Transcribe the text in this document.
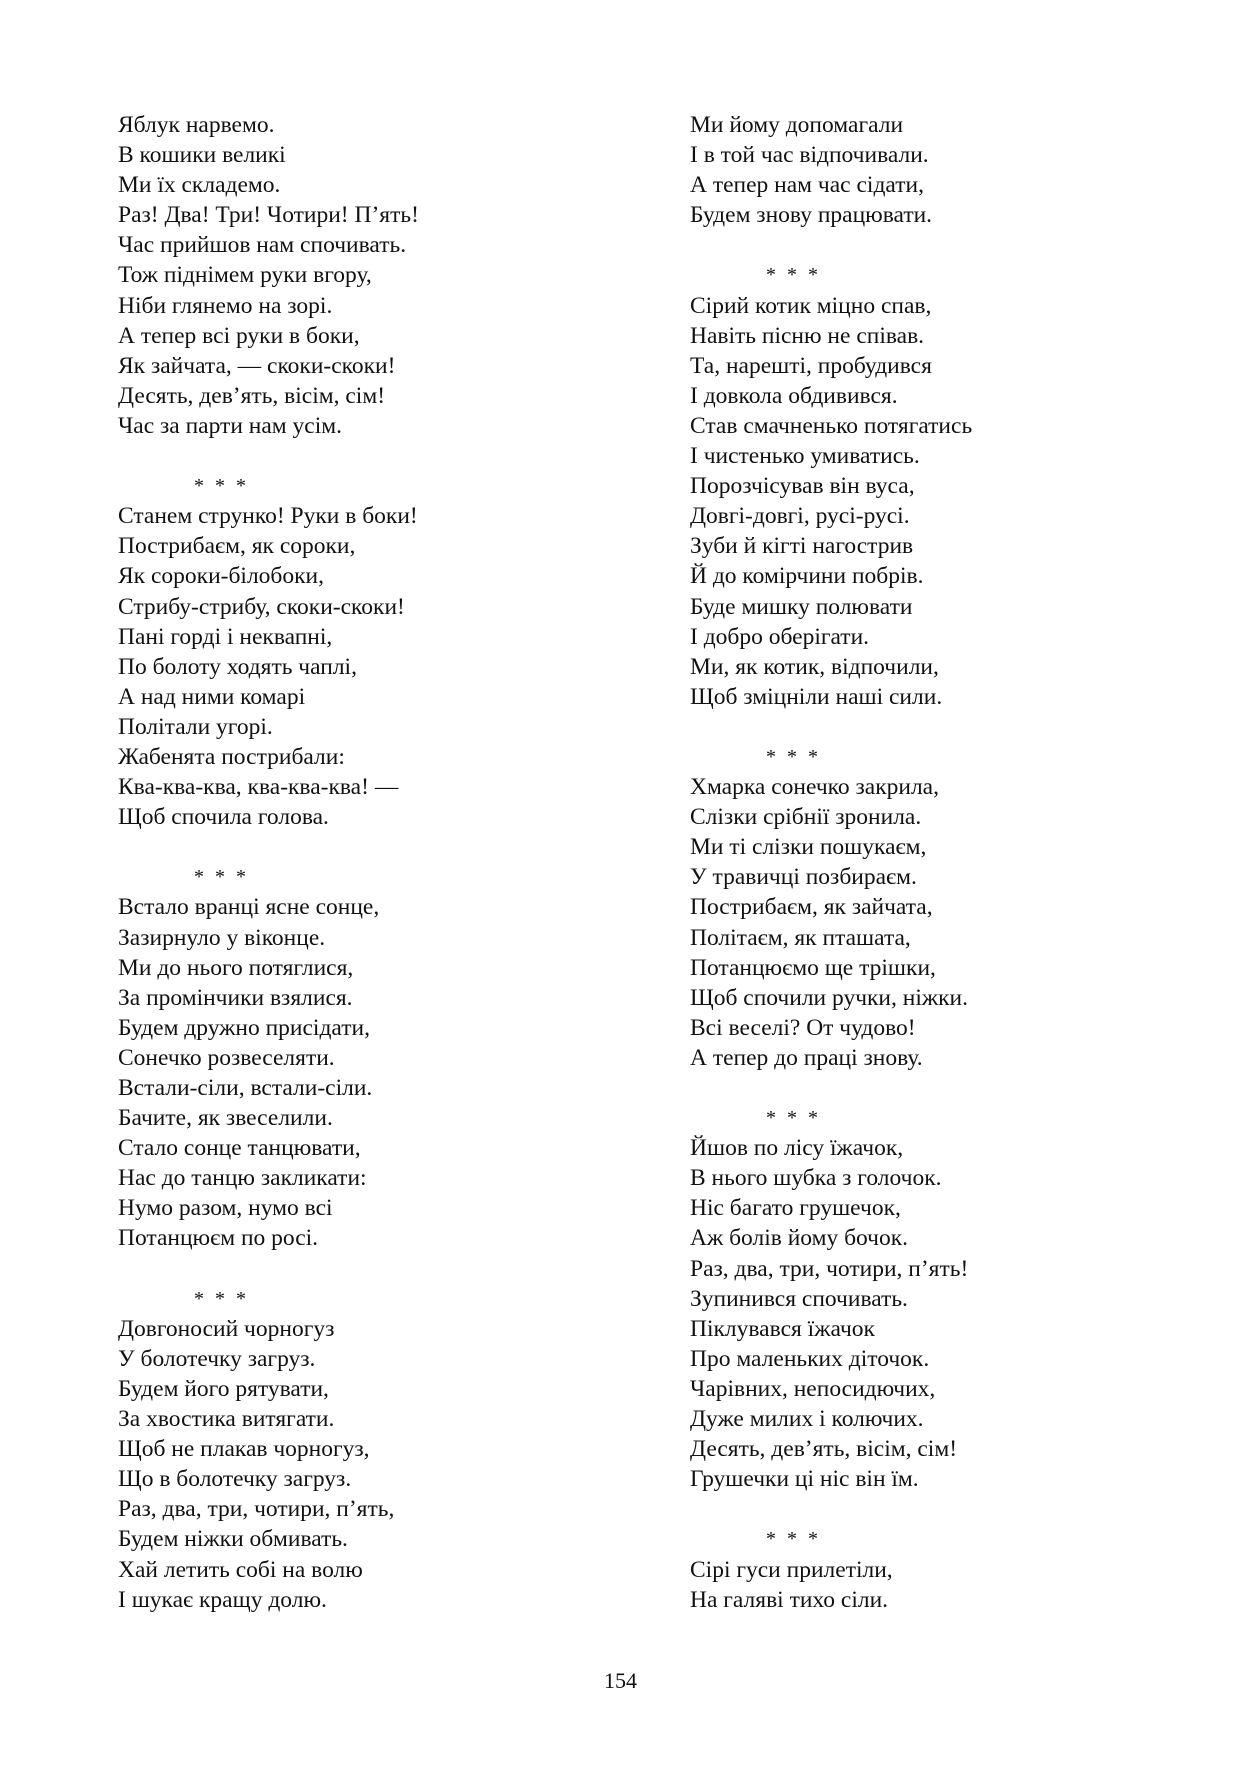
Яблук нарвемо.
В кошики великі
Ми їх складемо.
Раз! Два! Три! Чотири! П’ять!
Час прийшов нам спочивать.
Тож піднімем руки вгору,
Ніби глянемо на зорі.
А тепер всі руки в боки,
Як зайчата, — скоки-скоки!
Десять, дев’ять, вісім, сім!
Час за парти нам усім.
* * *
Станем струнко! Руки в боки!
Пострибаєм, як сороки,
Як сороки-білобоки,
Стрибу-стрибу, скоки-скоки!
Пані горді і неквапні,
По болоту ходять чаплі,
А над ними комарі
Політали угорі.
Жабенята пострибали:
Ква-ква-ква, ква-ква-ква! —
Щоб спочила голова.
* * *
Встало вранці ясне сонце,
Зазирнуло у віконце.
Ми до нього потяглися,
За промінчики взялися.
Будем дружно присідати,
Сонечко розвеселяти.
Встали-сіли, встали-сіли.
Бачите, як звеселили.
Стало сонце танцювати,
Нас до танцю закликати:
Нумо разом, нумо всі
Потанцюєм по росі.
* * *
Довгоносий чорногуз
У болотечку загруз.
Будем його рятувати,
За хвостика витягати.
Щоб не плакав чорногуз,
Що в болотечку загруз.
Раз, два, три, чотири, п’ять,
Будем ніжки обмивать.
Хай летить собі на волю
І шукає кращу долю.
Ми йому допомагали
І в той час відпочивали.
А тепер нам час сідати,
Будем знову працювати.
* * *
Сірий котик міцно спав,
Навіть пісню не співав.
Та, нарешті, пробудився
І довкола обдивився.
Став смачненько потягатись
І чистенько умиватись.
Порозчісував він вуса,
Довгі-довгі, русі-русі.
Зуби й кігті нагострив
Й до комірчини побрів.
Буде мишку полювати
І добро оберігати.
Ми, як котик, відпочили,
Щоб зміцніли наші сили.
* * *
Хмарка сонечко закрила,
Слізки срібнії зронила.
Ми ті слізки пошукаєм,
У травичці позбираєм.
Пострибаєм, як зайчата,
Політаєм, як пташата,
Потанцюємо ще трішки,
Щоб спочили ручки, ніжки.
Всі веселі? От чудово!
А тепер до праці знову.
* * *
Йшов по лісу їжачок,
В нього шубка з голочок.
Ніс багато грушечок,
Аж болів йому бочок.
Раз, два, три, чотири, п’ять!
Зупинився спочивать.
Піклувався їжачок
Про маленьких діточок.
Чарівних, непосидючих,
Дуже милих і колючих.
Десять, дев’ять, вісім, сім!
Грушечки ці ніс він їм.
* * *
Сірі гуси прилетіли,
На галяві тихо сіли.
154
